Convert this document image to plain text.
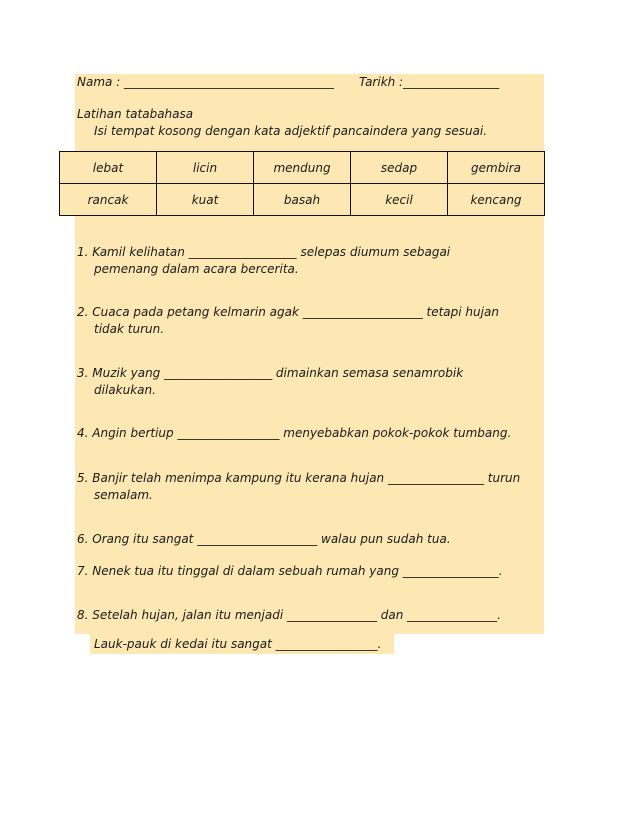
Nama : ___________________________________ Tarikh :________________
Latihan tatabahasa
Isi tempat kosong dengan kata adjektif pancaindera yang sesuai.
lebat	licin	mendung	sedap	gembira
rancak	kuat	basah	kecil	kencang
1. Kamil kelihatan __________________ selepas diumum sebagai
pemenang dalam acara bercerita.
2. Cuaca pada petang kelmarin agak ____________________ tetapi hujan
tidak turun.
3. Muzik yang __________________ dimainkan semasa senamrobik
dilakukan.
4. Angin bertiup _________________ menyebabkan pokok-pokok tumbang.
5. Banjir telah menimpa kampung itu kerana hujan ________________ turun
semalam.
6. Orang itu sangat ____________________ walau pun sudah tua.
7. Nenek tua itu tinggal di dalam sebuah rumah yang ________________.
8. Setelah hujan, jalan itu menjadi _______________ dan _______________.
Lauk-pauk di kedai itu sangat _________________.
